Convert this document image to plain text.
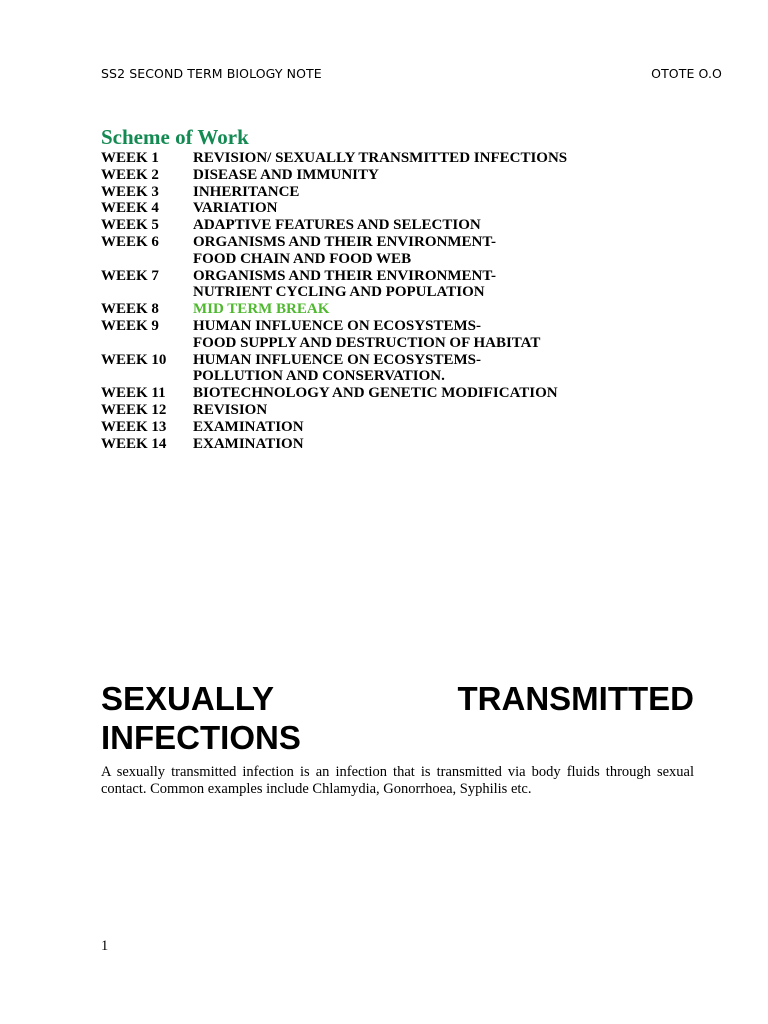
SS2 SECOND TERM BIOLOGY NOTE	OTOTE O.O
Scheme of Work
WEEK 1	REVISION/ SEXUALLY TRANSMITTED INFECTIONS
WEEK 2	DISEASE AND IMMUNITY
WEEK 3	INHERITANCE
WEEK 4	VARIATION
WEEK 5	ADAPTIVE FEATURES AND SELECTION
WEEK 6	ORGANISMS AND THEIR ENVIRONMENT-
FOOD CHAIN AND FOOD WEB
WEEK 7	ORGANISMS AND THEIR ENVIRONMENT-
NUTRIENT CYCLING AND POPULATION
WEEK 8	MID TERM BREAK
WEEK 9	HUMAN INFLUENCE ON ECOSYSTEMS-
FOOD SUPPLY AND DESTRUCTION OF HABITAT
WEEK 10	HUMAN INFLUENCE ON ECOSYSTEMS-
POLLUTION AND CONSERVATION.
WEEK 11	BIOTECHNOLOGY AND GENETIC MODIFICATION
WEEK 12	REVISION
WEEK 13	EXAMINATION
WEEK 14	EXAMINATION
SEXUALLY	TRANSMITTED
INFECTIONS

A sexually transmitted infection is an infection that is transmitted via body fluids through sexual contact. Common examples include Chlamydia, Gonorrhoea, Syphilis etc.

1
